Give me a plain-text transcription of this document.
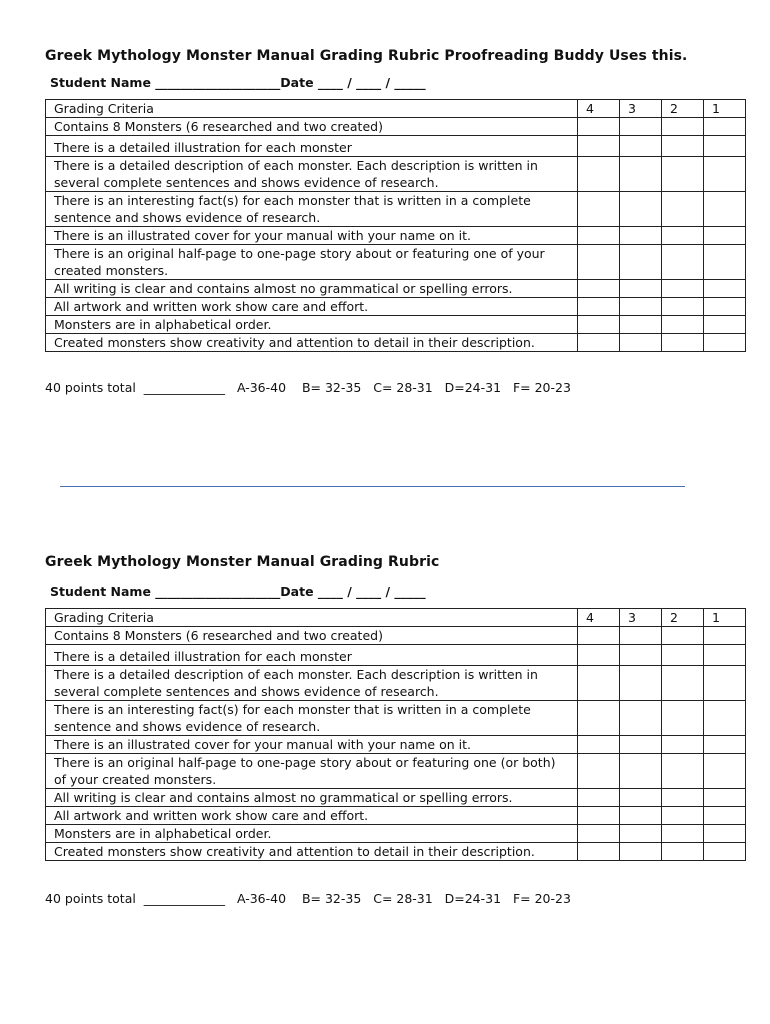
Greek Mythology Monster Manual Grading Rubric Proofreading Buddy Uses this.
Student Name ____________________Date ____ / ____ / _____
Grading Criteria	4	3	2	1
Contains 8 Monsters (6 researched and two created)				
There is a detailed illustration for each monster				
There is a detailed description of each monster. Each description is written in several complete sentences and shows evidence of research.				
There is an interesting fact(s) for each monster that is written in a complete sentence and shows evidence of research.				
There is an illustrated cover for your manual with your name on it.				
There is an original half-page to one-page story about or featuring one of your created monsters.				
All writing is clear and contains almost no grammatical or spelling errors.				
All artwork and written work show care and effort.				
Monsters are in alphabetical order.				
Created monsters show creativity and attention to detail in their description.				
40 points total  _____________   A-36-40    B= 32-35   C= 28-31   D=24-31   F= 20-23
Greek Mythology Monster Manual Grading Rubric
Student Name ____________________Date ____ / ____ / _____
Grading Criteria	4	3	2	1
Contains 8 Monsters (6 researched and two created)				
There is a detailed illustration for each monster				
There is a detailed description of each monster. Each description is written in several complete sentences and shows evidence of research.				
There is an interesting fact(s) for each monster that is written in a complete sentence and shows evidence of research.				
There is an illustrated cover for your manual with your name on it.				
There is an original half-page to one-page story about or featuring one (or both) of your created monsters.				
All writing is clear and contains almost no grammatical or spelling errors.				
All artwork and written work show care and effort.				
Monsters are in alphabetical order.				
Created monsters show creativity and attention to detail in their description.				
40 points total  _____________   A-36-40    B= 32-35   C= 28-31   D=24-31   F= 20-23
